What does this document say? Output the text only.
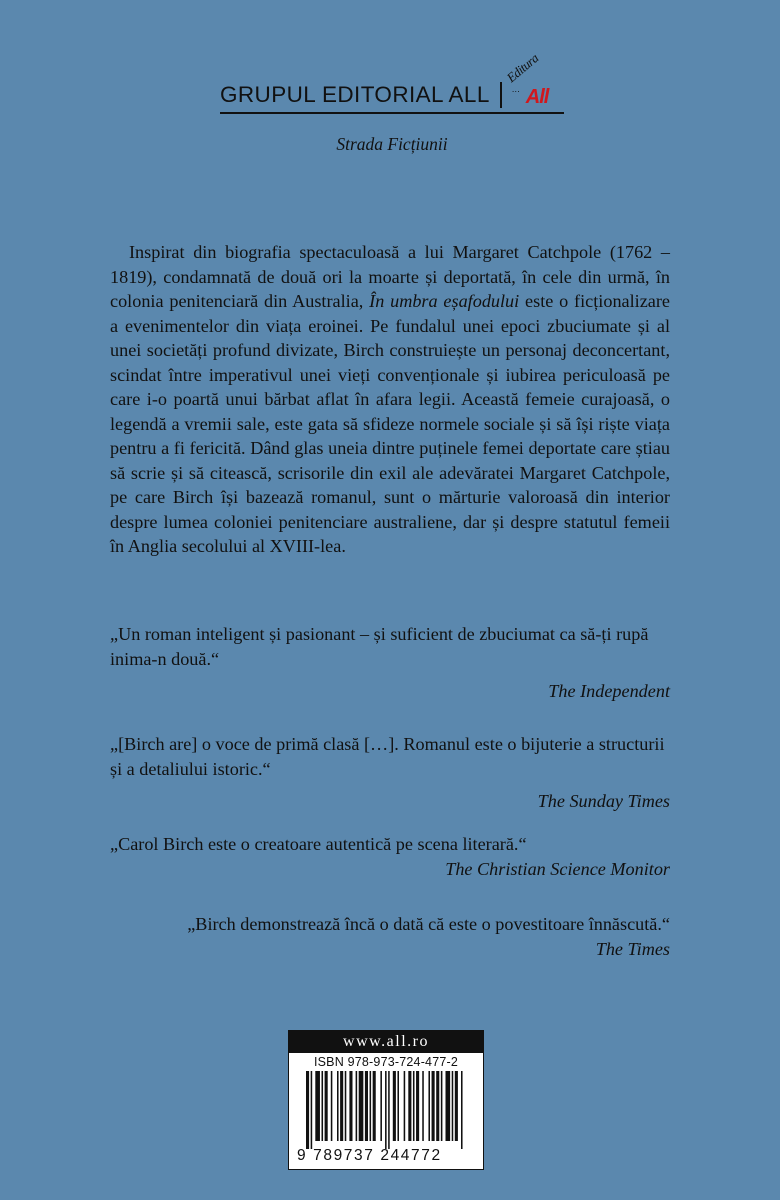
GRUPUL EDITORIAL ALL
Editura
⋯ All
Strada Ficțiunii

Inspirat din biografia spectaculoasă a lui Margaret Catchpole (1762 – 1819), condamnată de două ori la moarte și deportată, în cele din urmă, în colonia penitenciară din Australia, În umbra eșafodului este o ficționalizare a evenimentelor din viața eroinei. Pe fundalul unei epoci zbuciumate și al unei societăți profund divizate, Birch construiește un personaj deconcertant, scindat între imperativul unei vieți convenționale și iubirea periculoasă pe care i-o poartă unui bărbat aflat în afara legii. Această femeie curajoasă, o legendă a vremii sale, este gata să sfideze normele sociale și să își riște viața pentru a fi fericită. Dând glas uneia dintre puținele femei deportate care știau să scrie și să citească, scrisorile din exil ale adevăratei Margaret Catchpole, pe care Birch își bazează romanul, sunt o mărturie valoroasă din interior despre lumea coloniei penitenciare australiene, dar și despre statutul femeii în Anglia secolului al XVIII-lea.

„Un roman inteligent și pasionant – și suficient de zbuciumat ca să-ți rupă inima-n două.“

The Independent

„[Birch are] o voce de primă clasă […]. Romanul este o bijuterie a structurii și a detaliului istoric.“

The Sunday Times

„Carol Birch este o creatoare autentică pe scena literară.“

The Christian Science Monitor

„Birch demonstrează încă o dată că este o povestitoare înnăscută.“

The Times

www.all.ro
ISBN 978-973-724-477-2
9 789737 244772
